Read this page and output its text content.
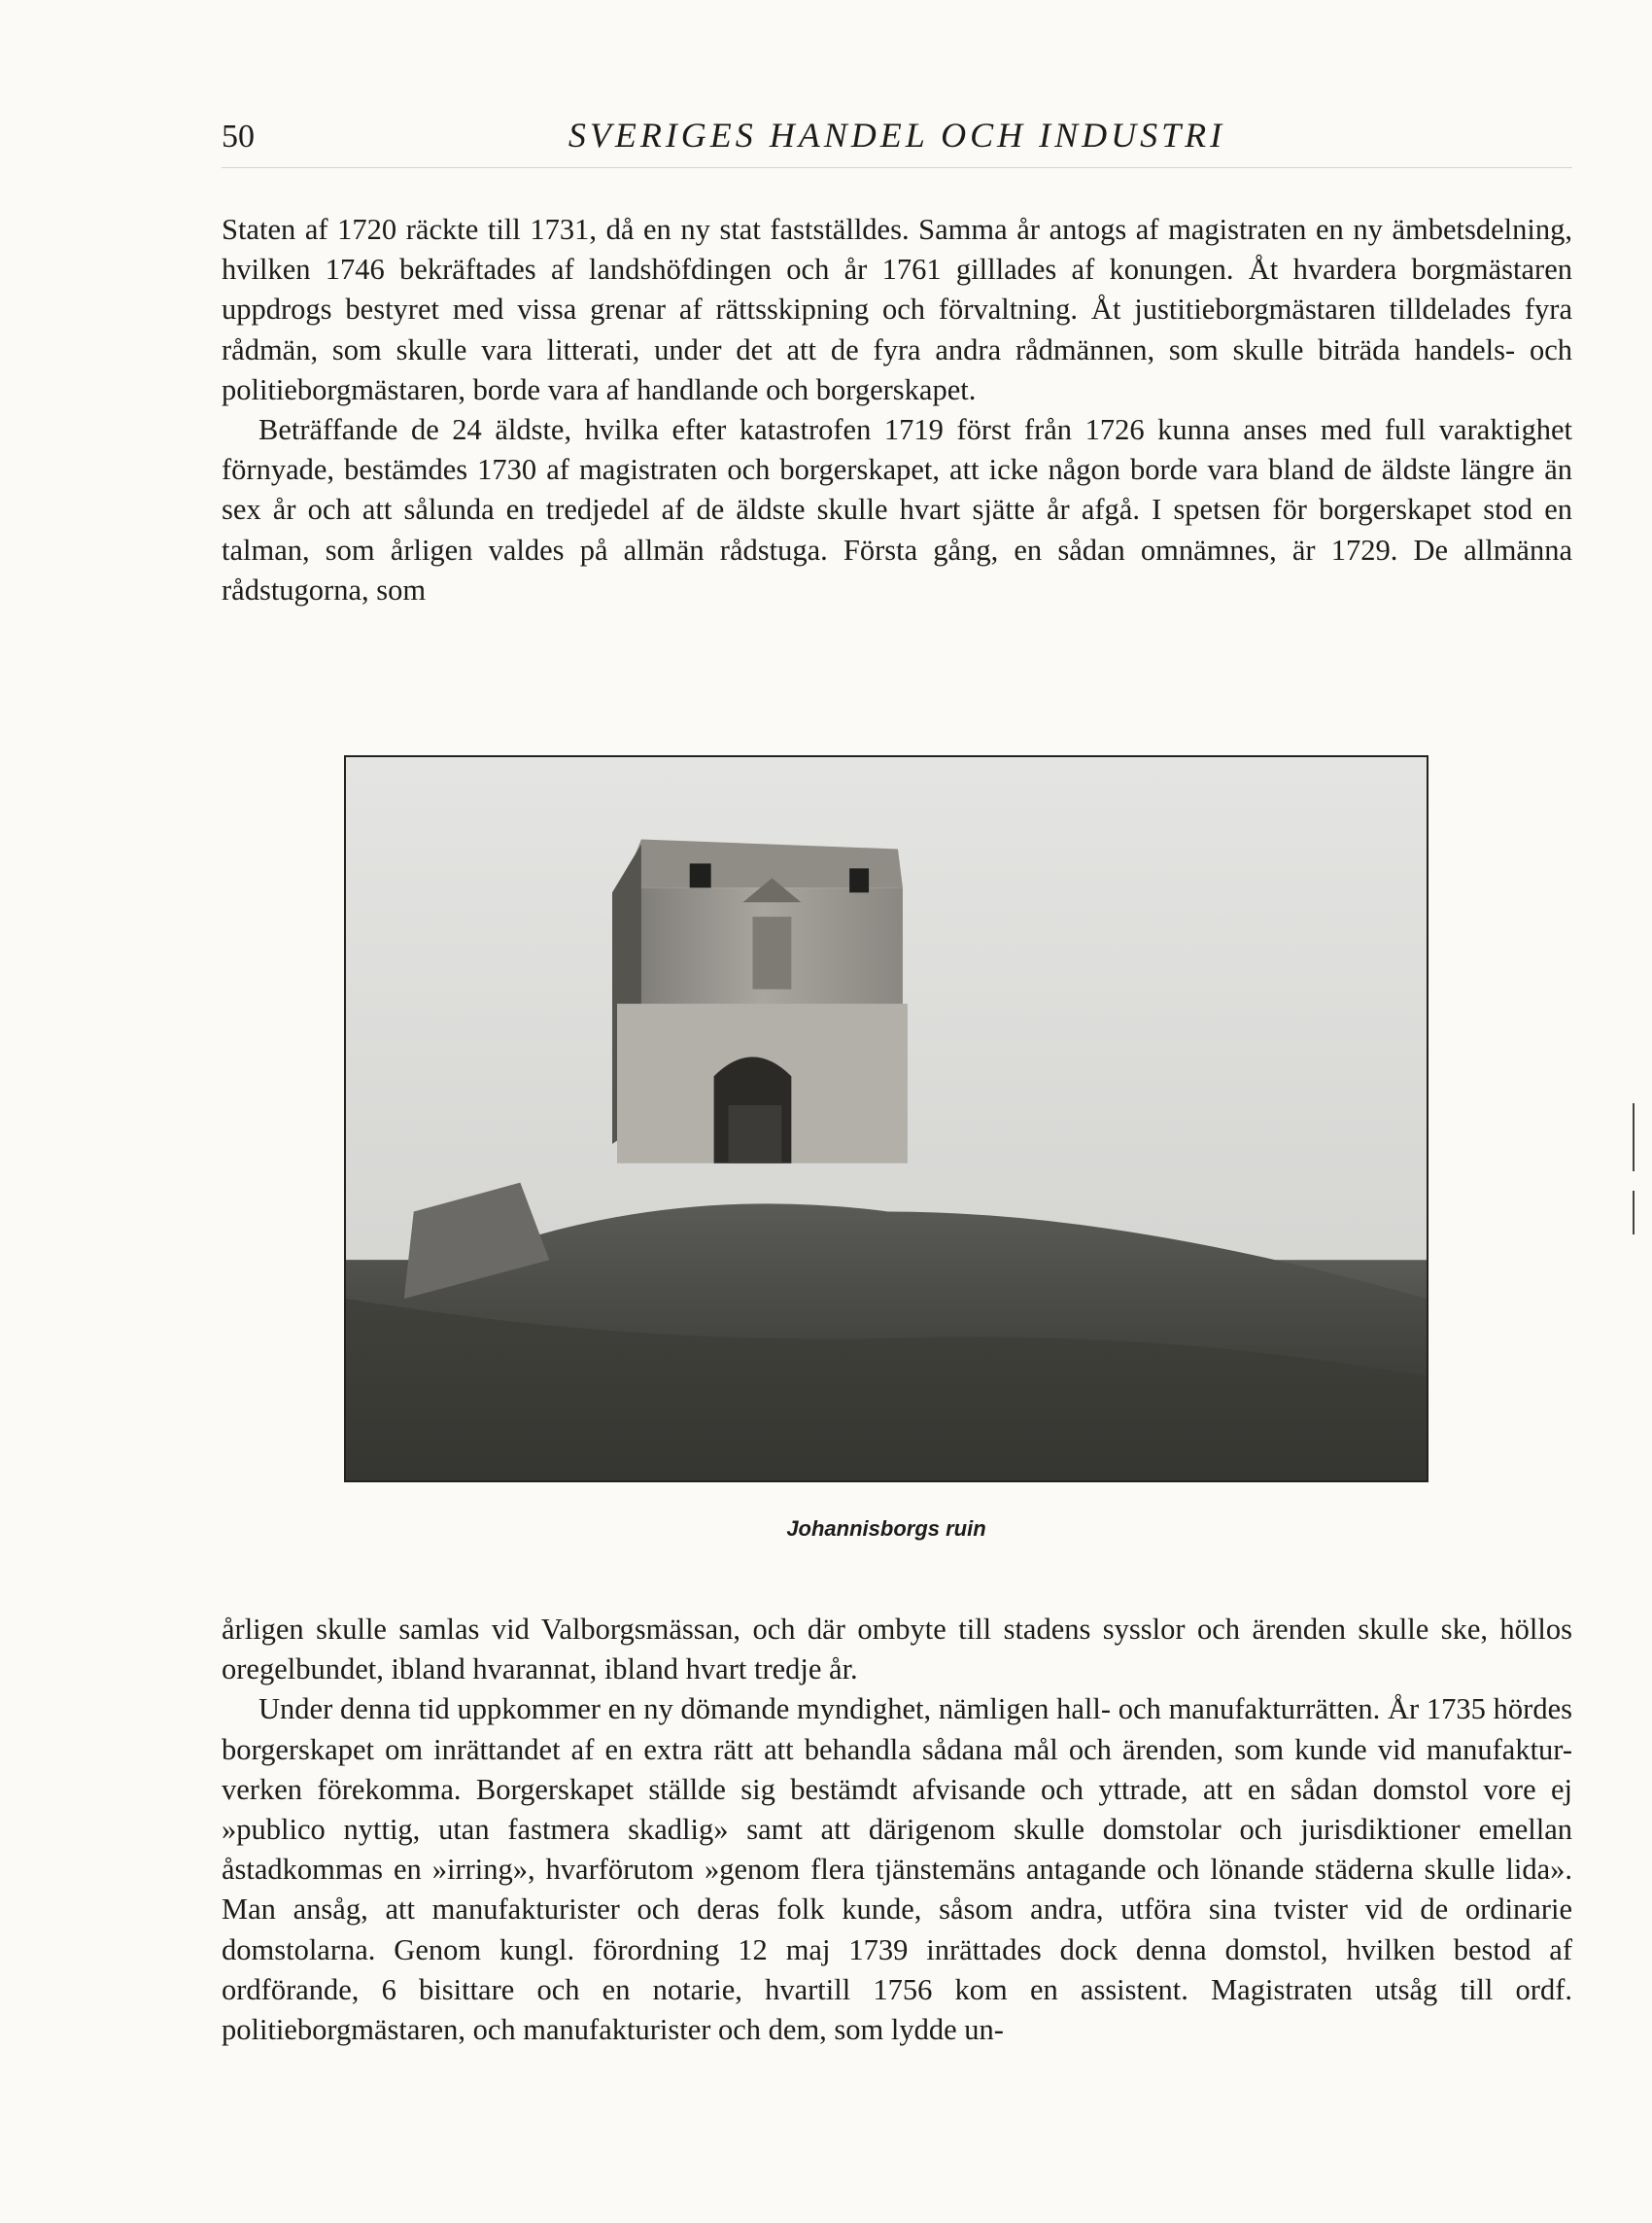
50	SVERIGES HANDEL OCH INDUSTRI

Staten af 1720 räckte till 1731, då en ny stat fastställdes. Samma år antogs af magistraten en ny ämbetsdelning, hvilken 1746 bekräftades af landshöfdingen och år 1761 gilllades af konungen. Åt hvardera borgmästaren uppdrogs bestyret med vissa grenar af rättsskipning och förvaltning. Åt justitieborgmästaren tilldelades fyra rådmän, som skulle vara litterati, under det att de fyra andra rådmännen, som skulle biträda handels- och politieborgmästaren, borde vara af handlande och borgerskapet.

Beträffande de 24 äldste, hvilka efter katastrofen 1719 först från 1726 kunna anses med full varaktighet förnyade, bestämdes 1730 af magistraten och borgerskapet, att icke någon borde vara bland de äldste längre än sex år och att sålunda en tredjedel af de äldste skulle hvart sjätte år afgå. I spetsen för borgerskapet stod en talman, som årligen valdes på allmän rådstuga. Första gång, en sådan omnämnes, är 1729. De allmänna rådstugorna, som

Johannisborgs ruin

årligen skulle samlas vid Valborgsmässan, och där ombyte till stadens sysslor och ärenden skulle ske, höllos oregelbundet, ibland hvarannat, ibland hvart tredje år.

Under denna tid uppkommer en ny dömande myndighet, nämligen hall- och manufakturrätten. År 1735 hördes borgerskapet om inrättandet af en extra rätt att behandla sådana mål och ärenden, som kunde vid manufaktur-verken förekomma. Borgerskapet ställde sig bestämdt afvisande och yttrade, att en sådan domstol vore ej »publico nyttig, utan fastmera skadlig» samt att därigenom skulle domstolar och jurisdiktioner emellan åstadkommas en »irring», hvarförutom »genom flera tjänstemäns antagande och lönande städerna skulle lida». Man ansåg, att manufakturister och deras folk kunde, såsom andra, utföra sina tvister vid de ordinarie domstolarna. Genom kungl. förordning 12 maj 1739 inrättades dock denna domstol, hvilken bestod af ordförande, 6 bisittare och en notarie, hvartill 1756 kom en assistent. Magistraten utsåg till ordf. politieborgmästaren, och manufakturister och dem, som lydde un-
